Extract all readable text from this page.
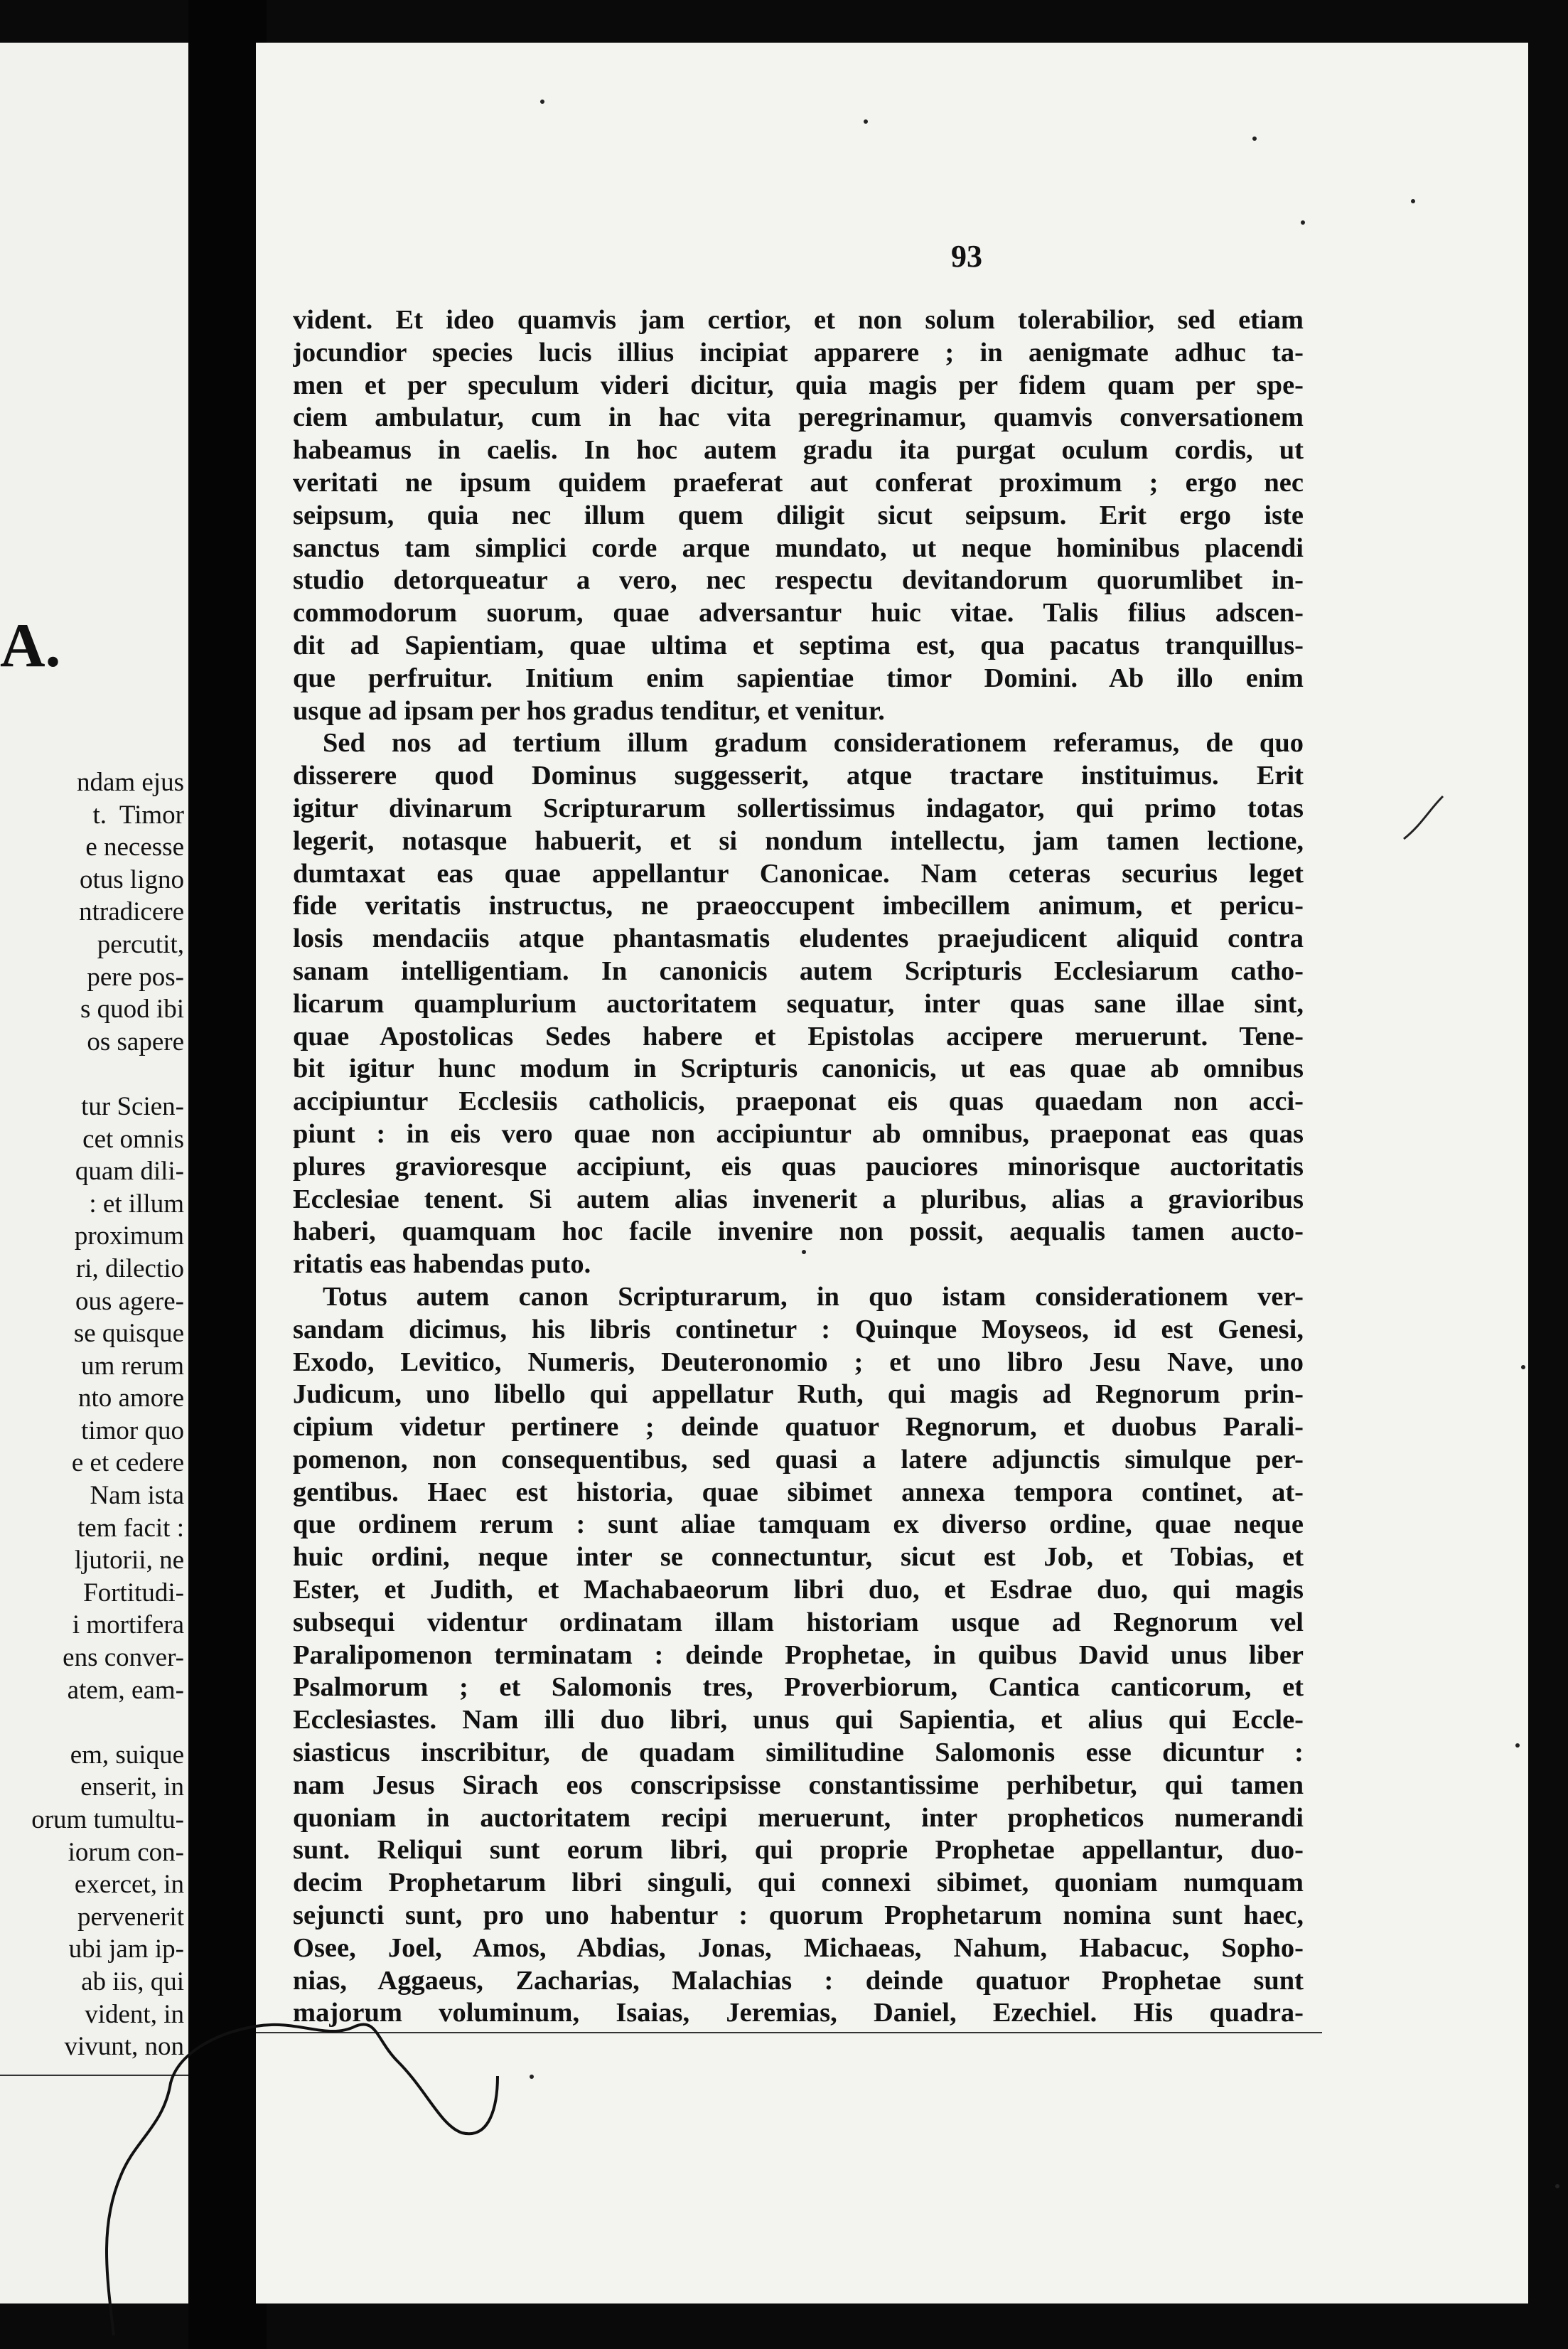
A.
ndam ejus
t.  Timor
e necesse
otus ligno
ntradicere
percutit,
pere pos-
s quod ibi
os sapere
tur Scien-
cet omnis
quam dili-
: et illum
proximum
ri, dilectio
ous agere-
se quisque
um rerum
nto amore
timor quo
e et cedere
Nam ista
tem facit :
ljutorii, ne
Fortitudi-
i mortifera
ens conver-
atem, eam-
em, suique
enserit, in
orum tumultu-
iorum con-
exercet, in
pervenerit
ubi jam ip-
ab iis, qui
vident, in
vivunt, non
93
vident. Et ideo quamvis jam certior, et non solum tolerabilior, sed etiam
jocundior species lucis illius incipiat apparere ; in aenigmate adhuc ta-
men et per speculum videri dicitur, quia magis per fidem quam per spe-
ciem ambulatur, cum in hac vita peregrinamur, quamvis conversationem
habeamus in caelis. In hoc autem gradu ita purgat oculum cordis, ut
veritati ne ipsum quidem praeferat aut conferat proximum ; ergo nec
seipsum, quia nec illum quem diligit sicut seipsum. Erit ergo iste
sanctus tam simplici corde arque mundato, ut neque hominibus placendi
studio detorqueatur a vero, nec respectu devitandorum quorumlibet in-
commodorum suorum, quae adversantur huic vitae. Talis filius adscen-
dit ad Sapientiam, quae ultima et septima est, qua pacatus tranquillus-
que perfruitur. Initium enim sapientiae timor Domini. Ab illo enim
usque ad ipsam per hos gradus tenditur, et venitur.
Sed nos ad tertium illum gradum considerationem referamus, de quo
disserere quod Dominus suggesserit, atque tractare instituimus. Erit
igitur divinarum Scripturarum sollertissimus indagator, qui primo totas
legerit, notasque habuerit, et si nondum intellectu, jam tamen lectione,
dumtaxat eas quae appellantur Canonicae. Nam ceteras securius leget
fide veritatis instructus, ne praeoccupent imbecillem animum, et pericu-
losis mendaciis atque phantasmatis eludentes praejudicent aliquid contra
sanam intelligentiam. In canonicis autem Scripturis Ecclesiarum catho-
licarum quamplurium auctoritatem sequatur, inter quas sane illae sint,
quae Apostolicas Sedes habere et Epistolas accipere meruerunt. Tene-
bit igitur hunc modum in Scripturis canonicis, ut eas quae ab omnibus
accipiuntur Ecclesiis catholicis, praeponat eis quas quaedam non acci-
piunt : in eis vero quae non accipiuntur ab omnibus, praeponat eas quas
plures gravioresque accipiunt, eis quas pauciores minorisque auctoritatis
Ecclesiae tenent. Si autem alias invenerit a pluribus, alias a gravioribus
haberi, quamquam hoc facile invenire non possit, aequalis tamen aucto-
ritatis eas habendas puto.
Totus autem canon Scripturarum, in quo istam considerationem ver-
sandam dicimus, his libris continetur : Quinque Moyseos, id est Genesi,
Exodo, Levitico, Numeris, Deuteronomio ; et uno libro Jesu Nave, uno
Judicum, uno libello qui appellatur Ruth, qui magis ad Regnorum prin-
cipium videtur pertinere ; deinde quatuor Regnorum, et duobus Parali-
pomenon, non consequentibus, sed quasi a latere adjunctis simulque per-
gentibus. Haec est historia, quae sibimet annexa tempora continet, at-
que ordinem rerum : sunt aliae tamquam ex diverso ordine, quae neque
huic ordini, neque inter se connectuntur, sicut est Job, et Tobias, et
Ester, et Judith, et Machabaeorum libri duo, et Esdrae duo, qui magis
subsequi videntur ordinatam illam historiam usque ad Regnorum vel
Paralipomenon terminatam : deinde Prophetae, in quibus David unus liber
Psalmorum ; et Salomonis tres, Proverbiorum, Cantica canticorum, et
Ecclesiastes. Nam illi duo libri, unus qui Sapientia, et alius qui Eccle-
siasticus inscribitur, de quadam similitudine Salomonis esse dicuntur :
nam Jesus Sirach eos conscripsisse constantissime perhibetur, qui tamen
quoniam in auctoritatem recipi meruerunt, inter propheticos numerandi
sunt. Reliqui sunt eorum libri, qui proprie Prophetae appellantur, duo-
decim Prophetarum libri singuli, qui connexi sibimet, quoniam numquam
sejuncti sunt, pro uno habentur : quorum Prophetarum nomina sunt haec,
Osee, Joel, Amos, Abdias, Jonas, Michaeas, Nahum, Habacuc, Sopho-
nias, Aggaeus, Zacharias, Malachias : deinde quatuor Prophetae sunt
majorum voluminum, Isaias, Jeremias, Daniel, Ezechiel. His quadra-
